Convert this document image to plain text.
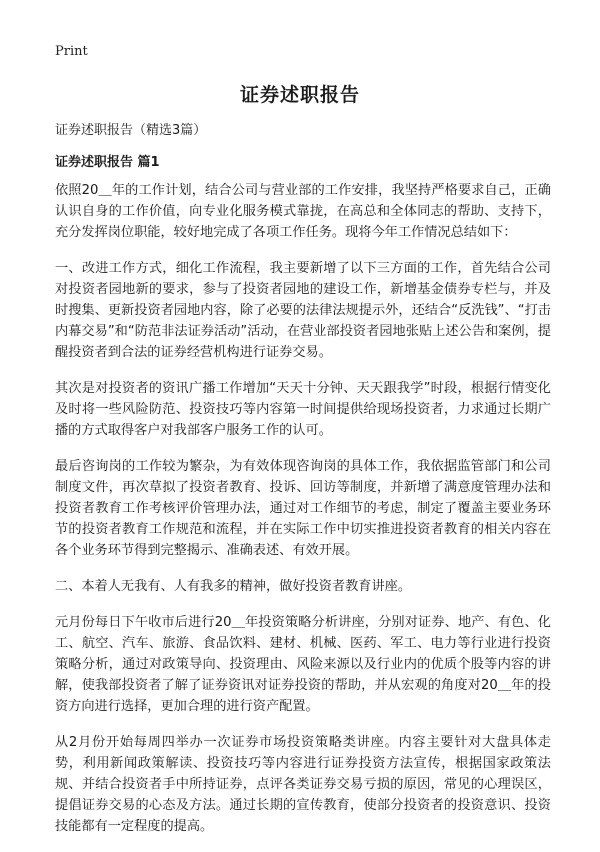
Print
证券述职报告

证券述职报告（精选3篇）

证券述职报告 篇1

依照20＿年的工作计划，结合公司与营业部的工作安排，我坚持严格要求自己，正确认识自身的工作价值，向专业化服务模式靠拢，在高总和全体同志的帮助、支持下，充分发挥岗位职能，较好地完成了各项工作任务。现将今年工作情况总结如下：

一、改进工作方式，细化工作流程，我主要新增了以下三方面的工作，首先结合公司对投资者园地新的要求，参与了投资者园地的建设工作，新增基金债券专栏与，并及时搜集、更新投资者园地内容，除了必要的法律法规提示外，还结合“反洗钱”、“打击内幕交易”和“防范非法证券活动”活动，在营业部投资者园地张贴上述公告和案例，提醒投资者到合法的证券经营机构进行证券交易。

其次是对投资者的资讯广播工作增加“天天十分钟、天天跟我学”时段，根据行情变化及时将一些风险防范、投资技巧等内容第一时间提供给现场投资者，力求通过长期广播的方式取得客户对我部客户服务工作的认可。

最后咨询岗的工作较为繁杂，为有效体现咨询岗的具体工作，我依据监管部门和公司制度文件，再次草拟了投资者教育、投诉、回访等制度，并新增了满意度管理办法和投资者教育工作考核评价管理办法，通过对工作细节的考虑，制定了覆盖主要业务环节的投资者教育工作规范和流程，并在实际工作中切实推进投资者教育的相关内容在各个业务环节得到完整揭示、准确表述、有效开展。

二、本着人无我有、人有我多的精神，做好投资者教育讲座。

元月份每日下午收市后进行20＿年投资策略分析讲座，分别对证券、地产、有色、化工、航空、汽车、旅游、食品饮料、建材、机械、医药、军工、电力等行业进行投资策略分析，通过对政策导向、投资理由、风险来源以及行业内的优质个股等内容的讲解，使我部投资者了解了证券资讯对证券投资的帮助，并从宏观的角度对20＿年的投资方向进行选择，更加合理的进行资产配置。

从2月份开始每周四举办一次证券市场投资策略类讲座。内容主要针对大盘具体走势，利用新闻政策解读、投资技巧等内容进行证券投资方法宣传，根据国家政策法规、并结合投资者手中所持证券，点评各类证券交易亏损的原因，常见的心理误区，提倡证券交易的心态及方法。通过长期的宣传教育，使部分投资者的投资意识、投资技能都有一定程度的提高。
